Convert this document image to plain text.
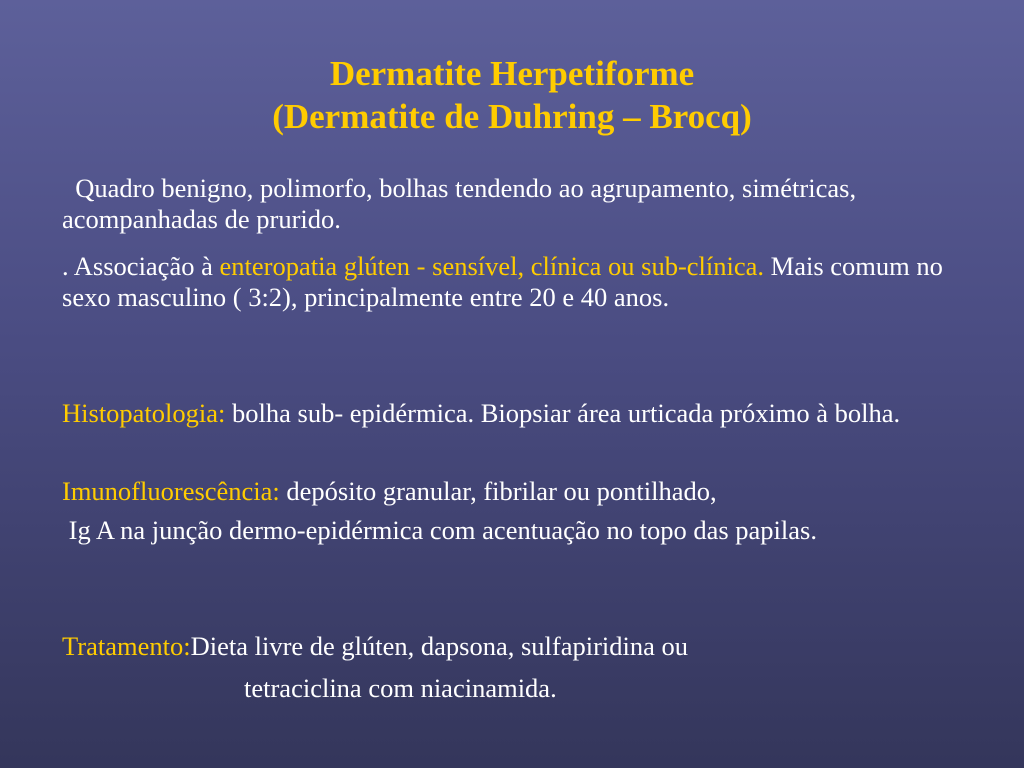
Dermatite Herpetiforme
(Dermatite de Duhring – Brocq)
Quadro benigno, polimorfo, bolhas tendendo ao agrupamento, simétricas, acompanhadas de prurido.
. Associação à enteropatia glúten - sensível, clínica ou sub-clínica. Mais comum no sexo masculino ( 3:2), principalmente entre 20 e 40 anos.
Histopatologia: bolha sub- epidérmica. Biopsiar área urticada próximo à bolha.
Imunofluorescência: depósito granular, fibrilar ou pontilhado,
Ig A na junção dermo-epidérmica com acentuação no topo das papilas.
Tratamento:Dieta livre de glúten, dapsona, sulfapiridina ou
tetraciclina com niacinamida.
